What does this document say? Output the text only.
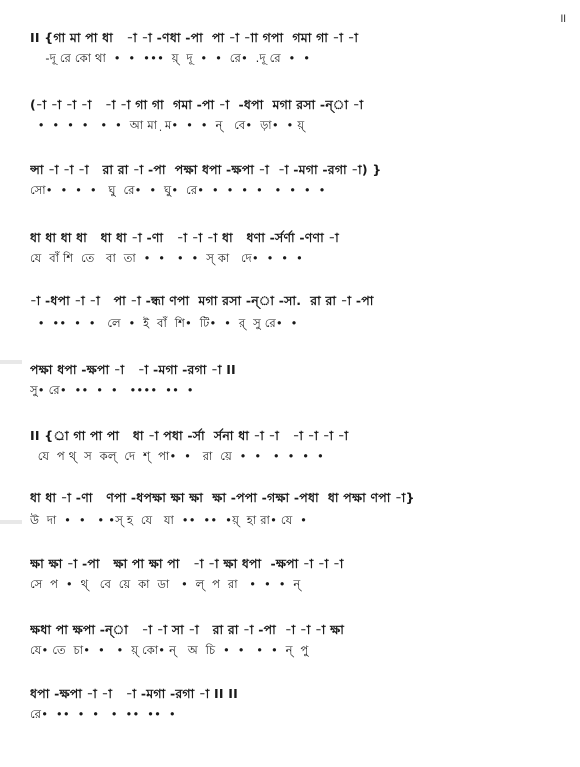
ll
II {গা মা পা ধা   -া -া -ণধা -পা  পা -া -াা গপা  গমা গা -া -া
-দূ রে কো থা  •  •  •••  য়্  দূ  •  •  রে•  .দূ রে  •  •
(-া -া -া -া   -া -া গা গা  গমা -পা -া  -ধপা  মগা রসা -ন্া -া
•  •  •  •   •  •  আ মা়  ম•  •  •  ন্   বে•  ড়া•  • য়্
ন্সা -া -া -া   রা রা -া -পা  পক্ষা ধপা -ক্ষপা -া  -া -মগা -রগা -া) }
সো•  •  •  •   ঘু  রে•  •  ঘু•  রে•  •  •  •  •   •  •  •  •
ধা ধা ধা ধা   ধা ধা -া -ণা   -া -া -া ধা   ধণা -র্সর্ণা -ণণা -া
যে  বাঁ শি  তে   বা  তা  •  •   •  •  স্ কা   দে•  •  •  •
-া -ধপা -া -া   পা -া -ন্ধা ণপা  মগা রসা -ন্া -সা.  রা রা -া -পা
•  ••  •  •   লে  •  ই  বাঁ  শি•  টি•  •  র্  সু রে•  •
পক্ষা ধপা -ক্ষপা -া   -া -মগা -রগা -া II
সু• রে•  ••  •  •   ••••  ••  •
II {র্া গা পা পা   ধা -া পধা -র্সা  র্সনা ধা -া -া   -া -া -া -া
যে  প থ্  স  কল্  দে  শ্  পা•  •   রা  য়ে  •  •   •  •  •  •
ধা ধা -া -ণা   ণপা -ধপক্ষা ক্ষা ক্ষা  ক্ষা -পপা -গক্ষা -পধা  ধা পক্ষা ণপা -া}
উ  দা  •  •   • •স্ হ  যে   যা  ••  ••  •য়্  হা রা• যে  •
ক্ষা ক্ষা -া -পা   ক্ষা পা ক্ষা পা   -া -া ক্ষা ধপা  -ক্ষপা -া -া -া
সে  প  •  থ্   বে  য়ে  কা  ডা   •  ল্  প  রা   •  •  •  ন্
ক্ষধা পা ক্ষপা -ন্া   -া -া সা -া   রা রা -া -পা  -া -া -া ক্ষা
যে• তে  চা•  •   •  য়্ কো• ন্   অ  চি  •  •   •  •  ন্  পু
ধপা -ক্ষপা -া -া   -া -মগা -রগা -া II II
রে•  ••  •  •   •  ••  ••  •
